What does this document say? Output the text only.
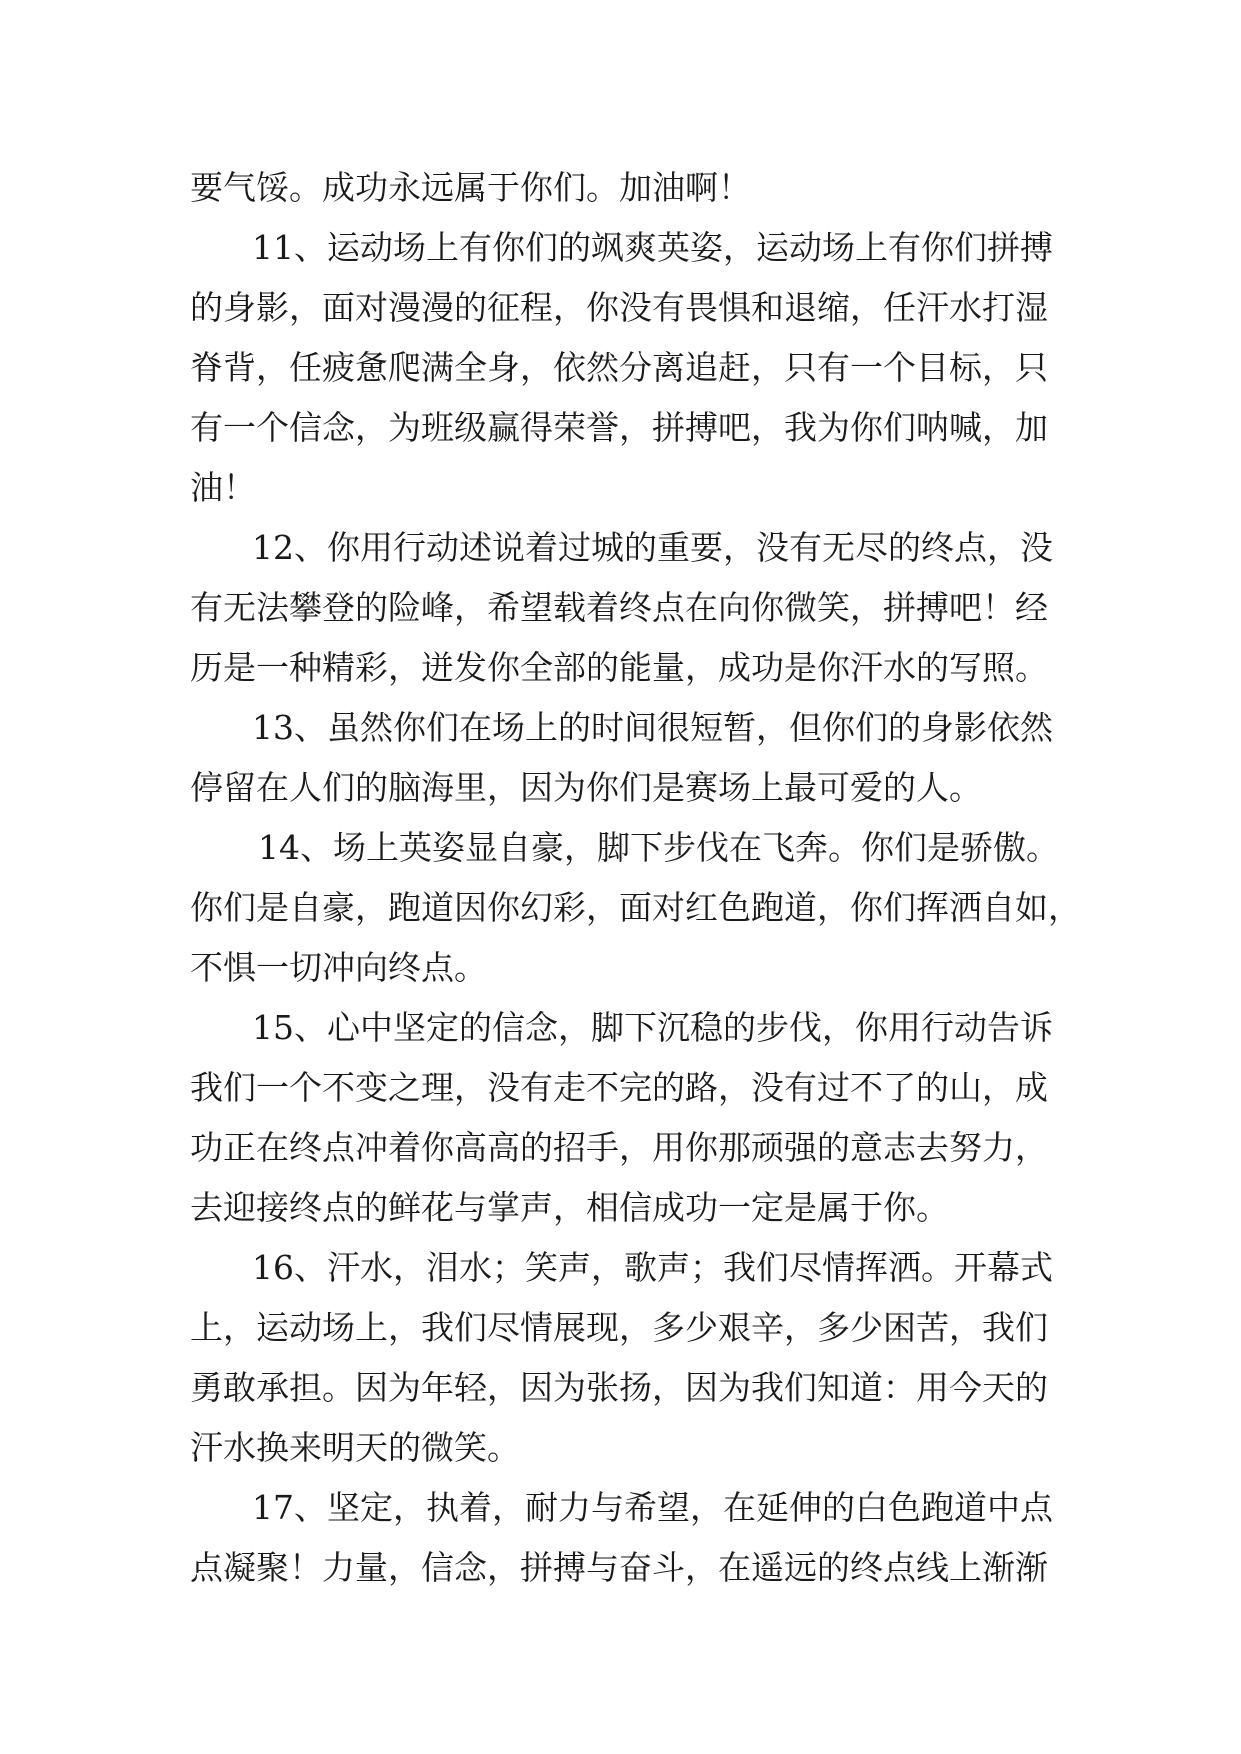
要气馁。成功永远属于你们。加油啊！
11、运动场上有你们的飒爽英姿，运动场上有你们拼搏
的身影，面对漫漫的征程，你没有畏惧和退缩，任汗水打湿
脊背，任疲惫爬满全身，依然分离追赶，只有一个目标，只
有一个信念，为班级赢得荣誉，拼搏吧，我为你们呐喊，加
油！
12、你用行动述说着过城的重要，没有无尽的终点，没
有无法攀登的险峰，希望载着终点在向你微笑，拼搏吧！经
历是一种精彩，迸发你全部的能量，成功是你汗水的写照。
13、虽然你们在场上的时间很短暂，但你们的身影依然
停留在人们的脑海里，因为你们是赛场上最可爱的人。
14、场上英姿显自豪，脚下步伐在飞奔。你们是骄傲。
你们是自豪，跑道因你幻彩，面对红色跑道，你们挥洒自如，
不惧一切冲向终点。
15、心中坚定的信念，脚下沉稳的步伐，你用行动告诉
我们一个不变之理，没有走不完的路，没有过不了的山，成
功正在终点冲着你高高的招手，用你那顽强的意志去努力，
去迎接终点的鲜花与掌声，相信成功一定是属于你。
16、汗水，泪水；笑声，歌声；我们尽情挥洒。开幕式
上，运动场上，我们尽情展现，多少艰辛，多少困苦，我们
勇敢承担。因为年轻，因为张扬，因为我们知道：用今天的
汗水换来明天的微笑。
17、坚定，执着，耐力与希望，在延伸的白色跑道中点
点凝聚！力量，信念，拼搏与奋斗，在遥远的终点线上渐渐
